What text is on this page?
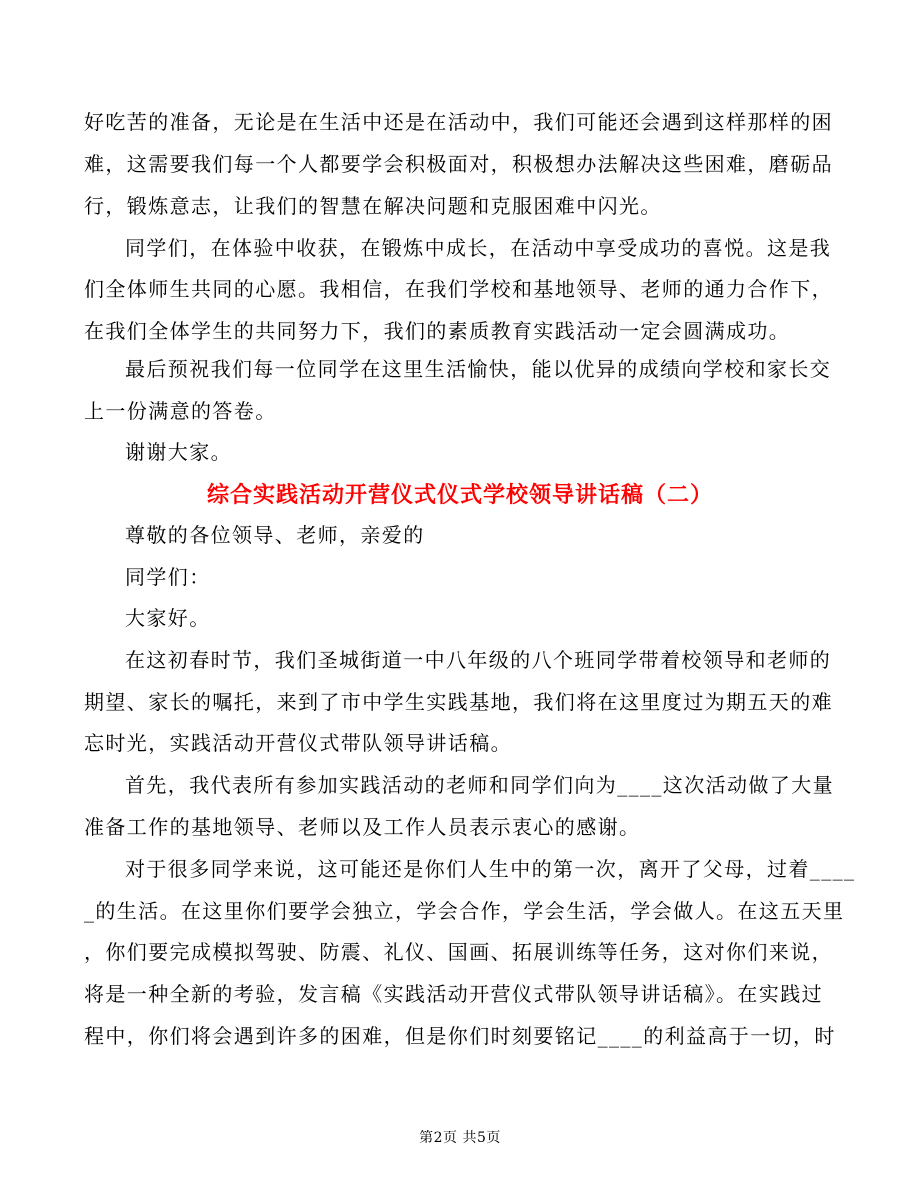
好吃苦的准备，无论是在生活中还是在活动中，我们可能还会遇到这样那样的困
难，这需要我们每一个人都要学会积极面对，积极想办法解决这些困难，磨砺品
行，锻炼意志，让我们的智慧在解决问题和克服困难中闪光。
同学们，在体验中收获，在锻炼中成长，在活动中享受成功的喜悦。这是我
们全体师生共同的心愿。我相信，在我们学校和基地领导、老师的通力合作下，
在我们全体学生的共同努力下，我们的素质教育实践活动一定会圆满成功。
最后预祝我们每一位同学在这里生活愉快，能以优异的成绩向学校和家长交
上一份满意的答卷。
谢谢大家。
综合实践活动开营仪式仪式学校领导讲话稿（二）
尊敬的各位领导、老师，亲爱的
同学们：
大家好。
在这初春时节，我们圣城街道一中八年级的八个班同学带着校领导和老师的
期望、家长的嘱托，来到了市中学生实践基地，我们将在这里度过为期五天的难
忘时光，实践活动开营仪式带队领导讲话稿。
首先，我代表所有参加实践活动的老师和同学们向为____这次活动做了大量
准备工作的基地领导、老师以及工作人员表示衷心的感谢。
对于很多同学来说，这可能还是你们人生中的第一次，离开了父母，过着____
_的生活。在这里你们要学会独立，学会合作，学会生活，学会做人。在这五天里
，你们要完成模拟驾驶、防震、礼仪、国画、拓展训练等任务，这对你们来说，
将是一种全新的考验，发言稿《实践活动开营仪式带队领导讲话稿》。在实践过
程中，你们将会遇到许多的困难，但是你们时刻要铭记____的利益高于一切，时
第2页 共5页
